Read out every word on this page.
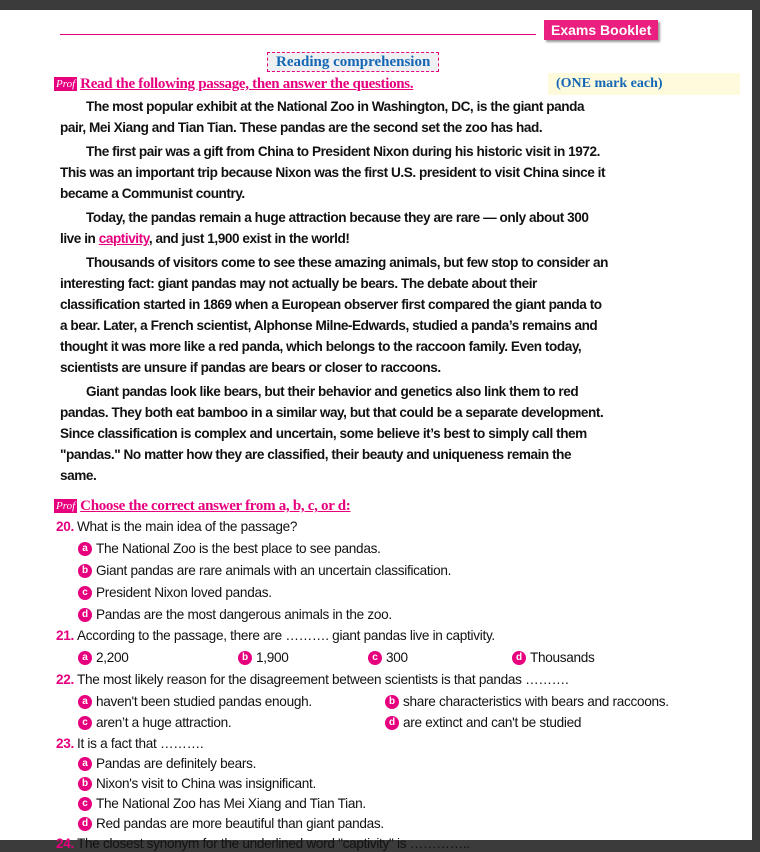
Exams Booklet
Reading comprehension
Prof Read the following passage, then answer the questions.	(ONE mark each)
The most popular exhibit at the National Zoo in Washington, DC, is the giant panda
pair, Mei Xiang and Tian Tian. These pandas are the second set the zoo has had.
The first pair was a gift from China to President Nixon during his historic visit in 1972.
This was an important trip because Nixon was the first U.S. president to visit China since it
became a Communist country.
Today, the pandas remain a huge attraction because they are rare — only about 300
live in captivity, and just 1,900 exist in the world!
Thousands of visitors come to see these amazing animals, but few stop to consider an
interesting fact: giant pandas may not actually be bears. The debate about their
classification started in 1869 when a European observer first compared the giant panda to
a bear. Later, a French scientist, Alphonse Milne-Edwards, studied a panda’s remains and
thought it was more like a red panda, which belongs to the raccoon family. Even today,
scientists are unsure if pandas are bears or closer to raccoons.
Giant pandas look like bears, but their behavior and genetics also link them to red
pandas. They both eat bamboo in a similar way, but that could be a separate development.
Since classification is complex and uncertain, some believe it’s best to simply call them
"pandas." No matter how they are classified, their beauty and uniqueness remain the
same.
Prof Choose the correct answer from a, b, c, or d:
20. What is the main idea of the passage?
a The National Zoo is the best place to see pandas.
b Giant pandas are rare animals with an uncertain classification.
c President Nixon loved pandas.
d Pandas are the most dangerous animals in the zoo.
21. According to the passage, there are ………. giant pandas live in captivity.
a 2,200	b 1,900	c 300	d Thousands
22. The most likely reason for the disagreement between scientists is that pandas ……….
a haven't been studied pandas enough.	b share characteristics with bears and raccoons.
c aren’t a huge attraction.	d are extinct and can't be studied
23. It is a fact that ……….
a Pandas are definitely bears.
b Nixon's visit to China was insignificant.
c The National Zoo has Mei Xiang and Tian Tian.
d Red pandas are more beautiful than giant pandas.
24. The closest synonym for the underlined word "captivity" is …………..
